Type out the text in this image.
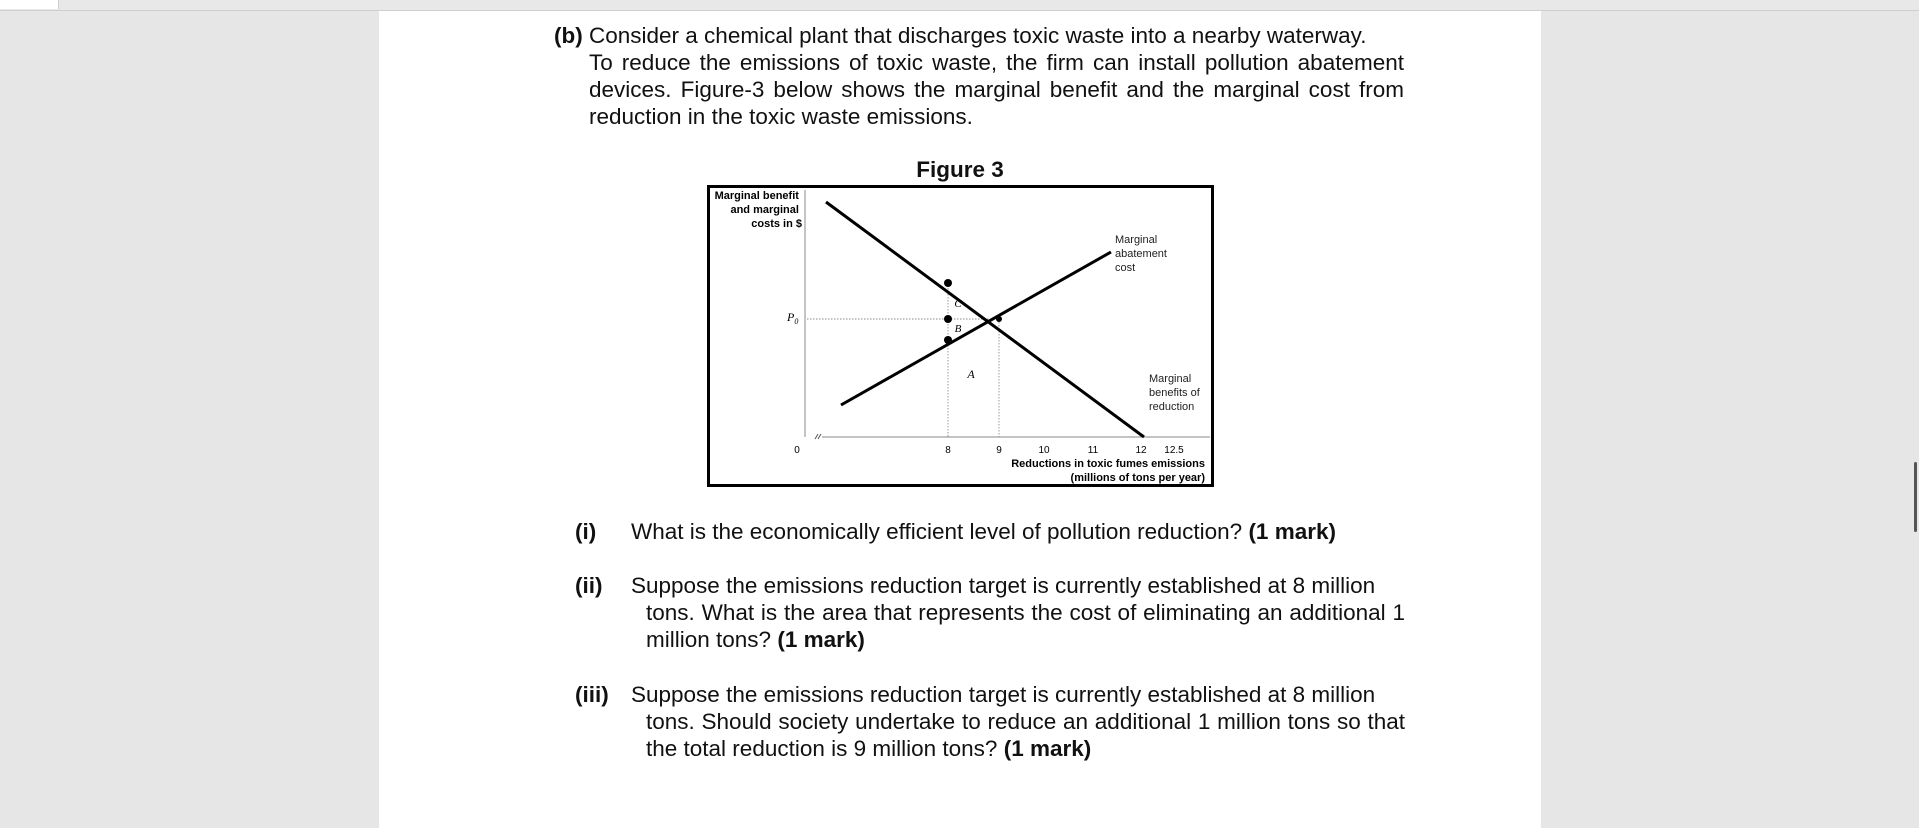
(b) Consider a chemical plant that discharges toxic waste into a nearby waterway.
To reduce the emissions of toxic waste, the firm can install pollution abatement devices. Figure-3 below shows the marginal benefit and the marginal cost from reduction in the toxic waste emissions.
Figure 3
Marginal benefit and marginal costs in $
$P_0$
0
C
B
A
Marginal abatement cost
Marginal benefits of reduction
8	9	10	11	12 12.5
Reductions in toxic fumes emissions
(millions of tons per year)
(i)	What is the economically efficient level of pollution reduction? (1 mark)
(ii)	Suppose the emissions reduction target is currently established at 8 million
tons. What is the area that represents the cost of eliminating an additional 1 million tons? (1 mark)
(iii) Suppose the emissions reduction target is currently established at 8 million
tons. Should society undertake to reduce an additional 1 million tons so that the total reduction is 9 million tons? (1 mark)
